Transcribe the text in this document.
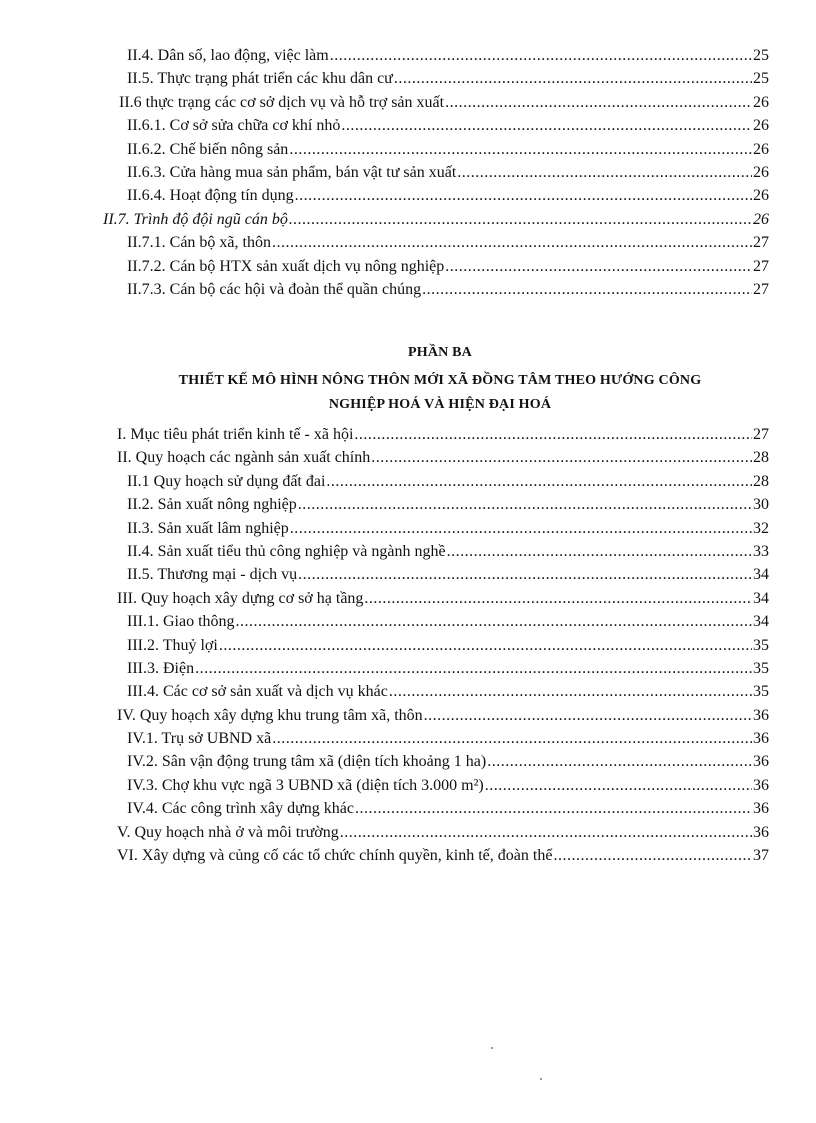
II.4. Dân số, lao động, việc làm .....	25
II.5. Thực trạng phát triển các khu dân cư .....	25
II.6 thực trạng các cơ sở dịch vụ và hỗ trợ sản xuất .....	26
II.6.1. Cơ sở sửa chữa cơ khí nhỏ .....	26
II.6.2. Chế biến nông sản .....	26
II.6.3. Cửa hàng mua sản phẩm, bán vật tư sản xuất .....	26
II.6.4. Hoạt động tín dụng .....	26
II.7. Trình độ đội ngũ cán bộ .....	26
II.7.1. Cán bộ xã, thôn .....	27
II.7.2. Cán bộ HTX sản xuất dịch vụ nông nghiệp .....	27
II.7.3. Cán bộ các hội và đoàn thể quần chúng .....	27
PHẦN BA
THIẾT KẾ MÔ HÌNH NÔNG THÔN MỚI XÃ ĐỒNG TÂM THEO HƯỚNG CÔNG
NGHIỆP HOÁ VÀ HIỆN ĐẠI HOÁ
I. Mục tiêu phát triển kinh tế - xã hội .....	27
II. Quy hoạch các ngành sản xuất chính .....	28
II.1 Quy hoạch sử dụng đất đai .....	28
II.2. Sản xuất nông nghiệp .....	30
II.3. Sản xuất lâm nghiệp .....	32
II.4. Sản xuất tiểu thủ công nghiệp và ngành nghề .....	33
II.5. Thương mại - dịch vụ .....	34
III. Quy hoạch xây dựng cơ sở hạ tầng .....	34
III.1. Giao thông .....	34
III.2. Thuỷ lợi .....	35
III.3. Điện .....	35
III.4. Các cơ sở sản xuất và dịch vụ khác .....	35
IV. Quy hoạch xây dựng khu trung tâm xã, thôn .....	36
IV.1. Trụ sở UBND xã .....	36
IV.2. Sân vận động trung tâm xã (diện tích khoảng 1 ha) .....	36
IV.3. Chợ khu vực ngã 3 UBND xã (diện tích 3.000 m²) .....	36
IV.4. Các công trình xây dựng khác .....	36
V. Quy hoạch nhà ở và môi trường .....	36
VI. Xây dựng và củng cố các tổ chức chính quyền, kinh tế, đoàn thể .....	37
